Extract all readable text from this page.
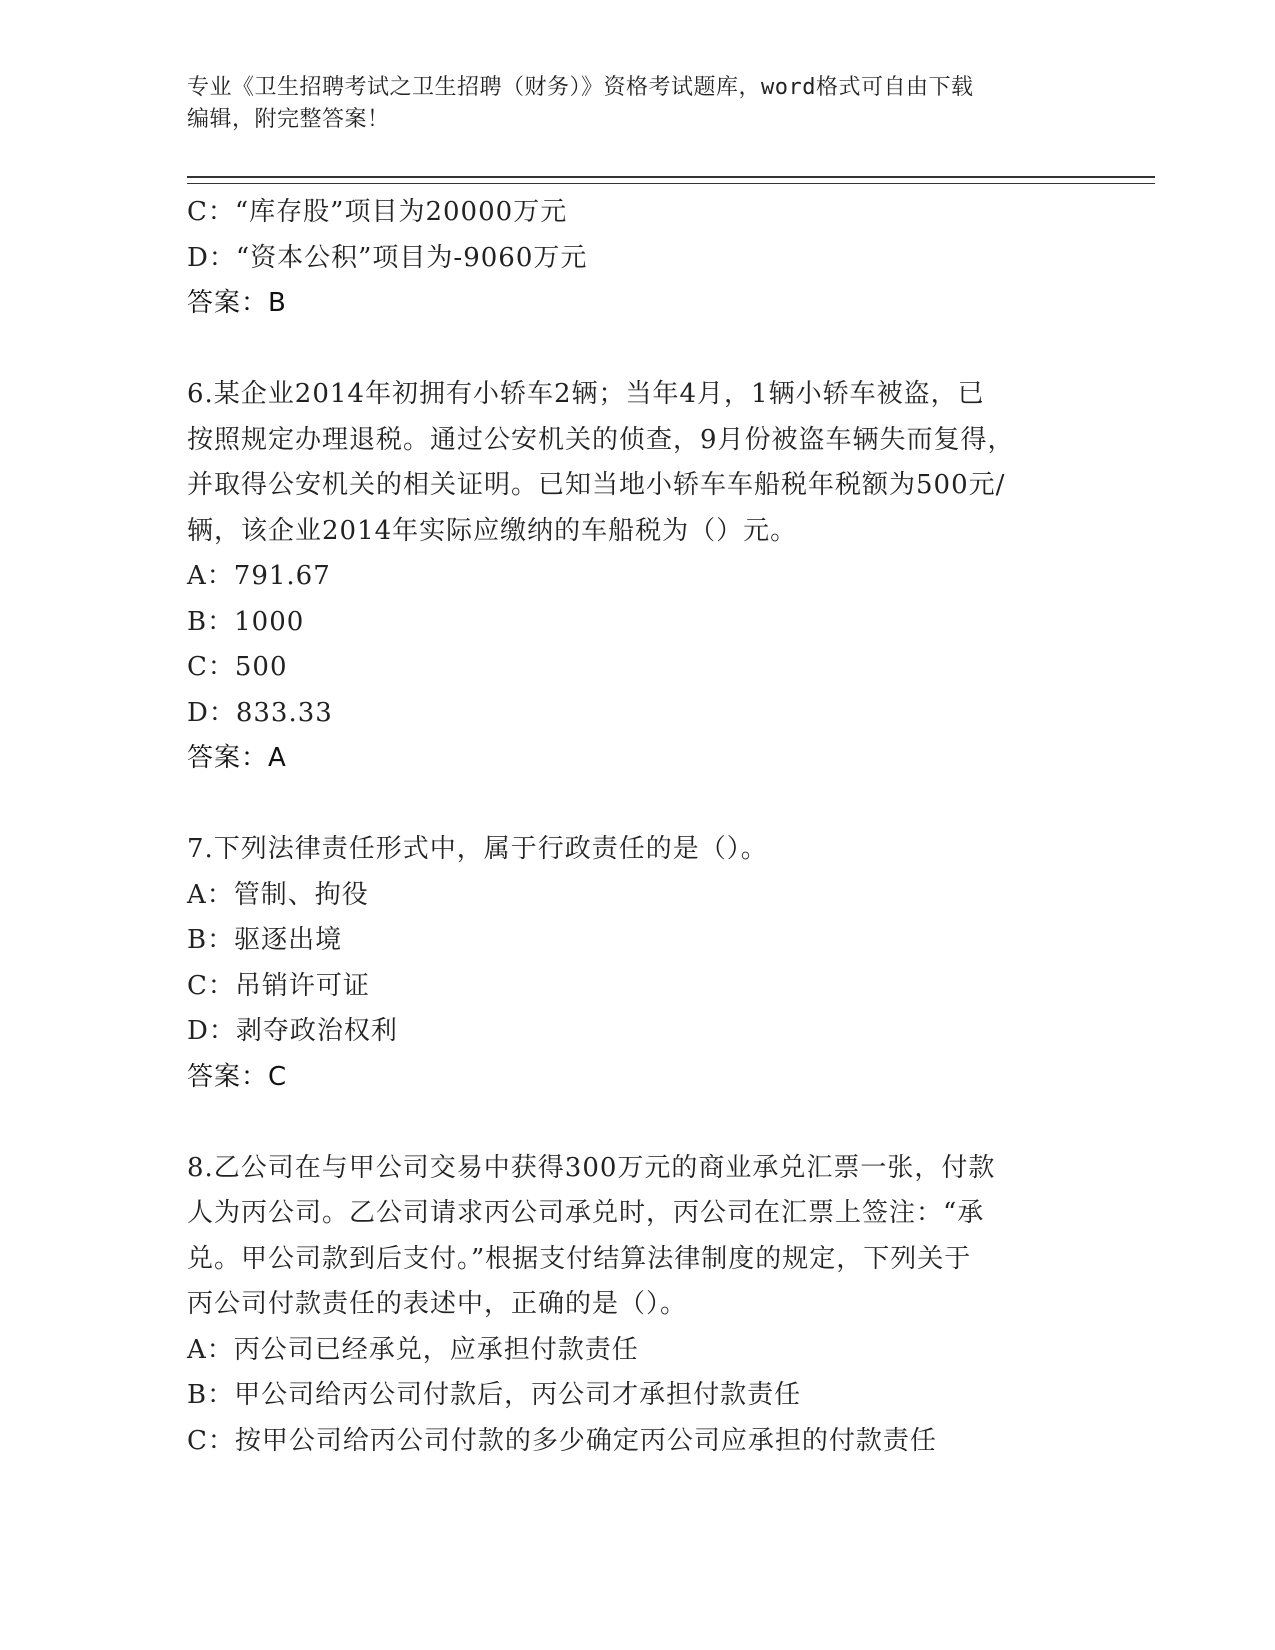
专业《卫生招聘考试之卫生招聘（财务）》资格考试题库，word格式可自由下载
编辑，附完整答案！
C：“库存股”项目为20000万元
D：“资本公积”项目为-9060万元
答案：B
6.某企业2014年初拥有小轿车2辆；当年4月，1辆小轿车被盗，已
按照规定办理退税。通过公安机关的侦查，9月份被盗车辆失而复得，
并取得公安机关的相关证明。已知当地小轿车车船税年税额为500元/
辆，该企业2014年实际应缴纳的车船税为（）元。
A：791.67
B：1000
C：500
D：833.33
答案：A
7.下列法律责任形式中，属于行政责任的是（）。
A：管制、拘役
B：驱逐出境
C：吊销许可证
D：剥夺政治权利
答案：C
8.乙公司在与甲公司交易中获得300万元的商业承兑汇票一张，付款
人为丙公司。乙公司请求丙公司承兑时，丙公司在汇票上签注：“承
兑。甲公司款到后支付。”根据支付结算法律制度的规定，下列关于
丙公司付款责任的表述中，正确的是（）。
A：丙公司已经承兑，应承担付款责任
B：甲公司给丙公司付款后，丙公司才承担付款责任
C：按甲公司给丙公司付款的多少确定丙公司应承担的付款责任
